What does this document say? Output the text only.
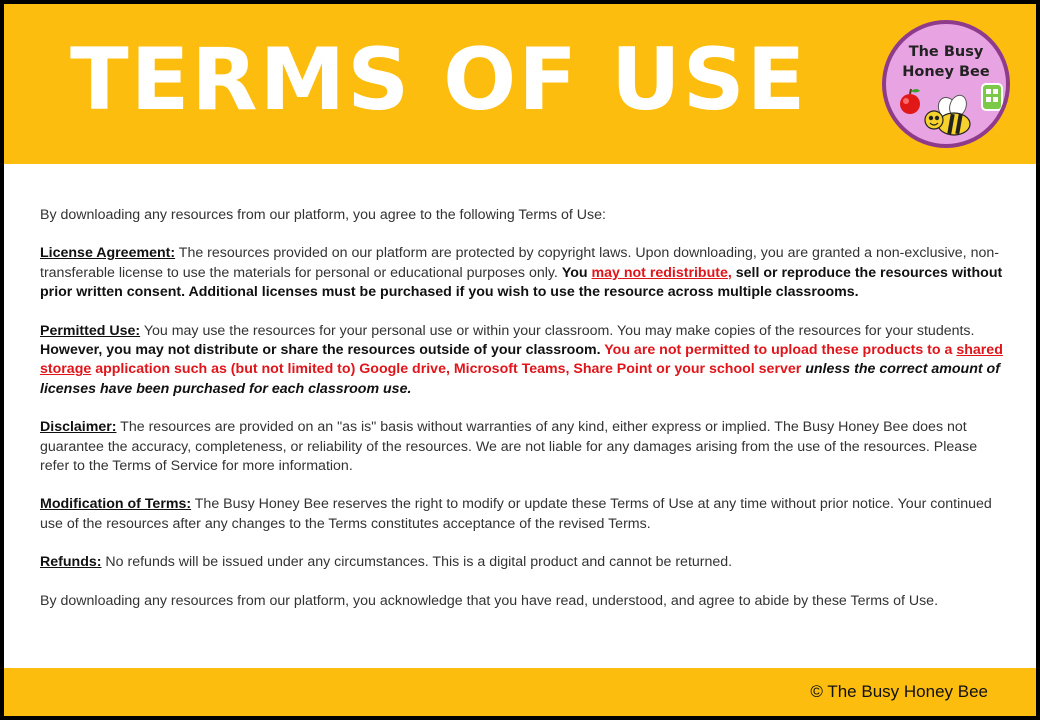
TERMS OF USE	The Busy
Honey Bee

By downloading any resources from our platform, you agree to the following Terms of Use:

License Agreement: The resources provided on our platform are protected by copyright laws. Upon downloading, you are granted a non-exclusive, non-transferable license to use the materials for personal or educational purposes only. You may not redistribute, sell or reproduce the resources without prior written consent. Additional licenses must be purchased if you wish to use the resource across multiple classrooms.

Permitted Use: You may use the resources for your personal use or within your classroom. You may make copies of the resources for your students. However, you may not distribute or share the resources outside of your classroom. You are not permitted to upload these products to a shared storage application such as (but not limited to) Google drive, Microsoft Teams, Share Point or your school server unless the correct amount of licenses have been purchased for each classroom use.

Disclaimer: The resources are provided on an "as is" basis without warranties of any kind, either express or implied. The Busy Honey Bee does not guarantee the accuracy, completeness, or reliability of the resources. We are not liable for any damages arising from the use of the resources. Please refer to the Terms of Service for more information.

Modification of Terms: The Busy Honey Bee reserves the right to modify or update these Terms of Use at any time without prior notice. Your continued use of the resources after any changes to the Terms constitutes acceptance of the revised Terms.

Refunds: No refunds will be issued under any circumstances. This is a digital product and cannot be returned.

By downloading any resources from our platform, you acknowledge that you have read, understood, and agree to abide by these Terms of Use.

© The Busy Honey Bee
